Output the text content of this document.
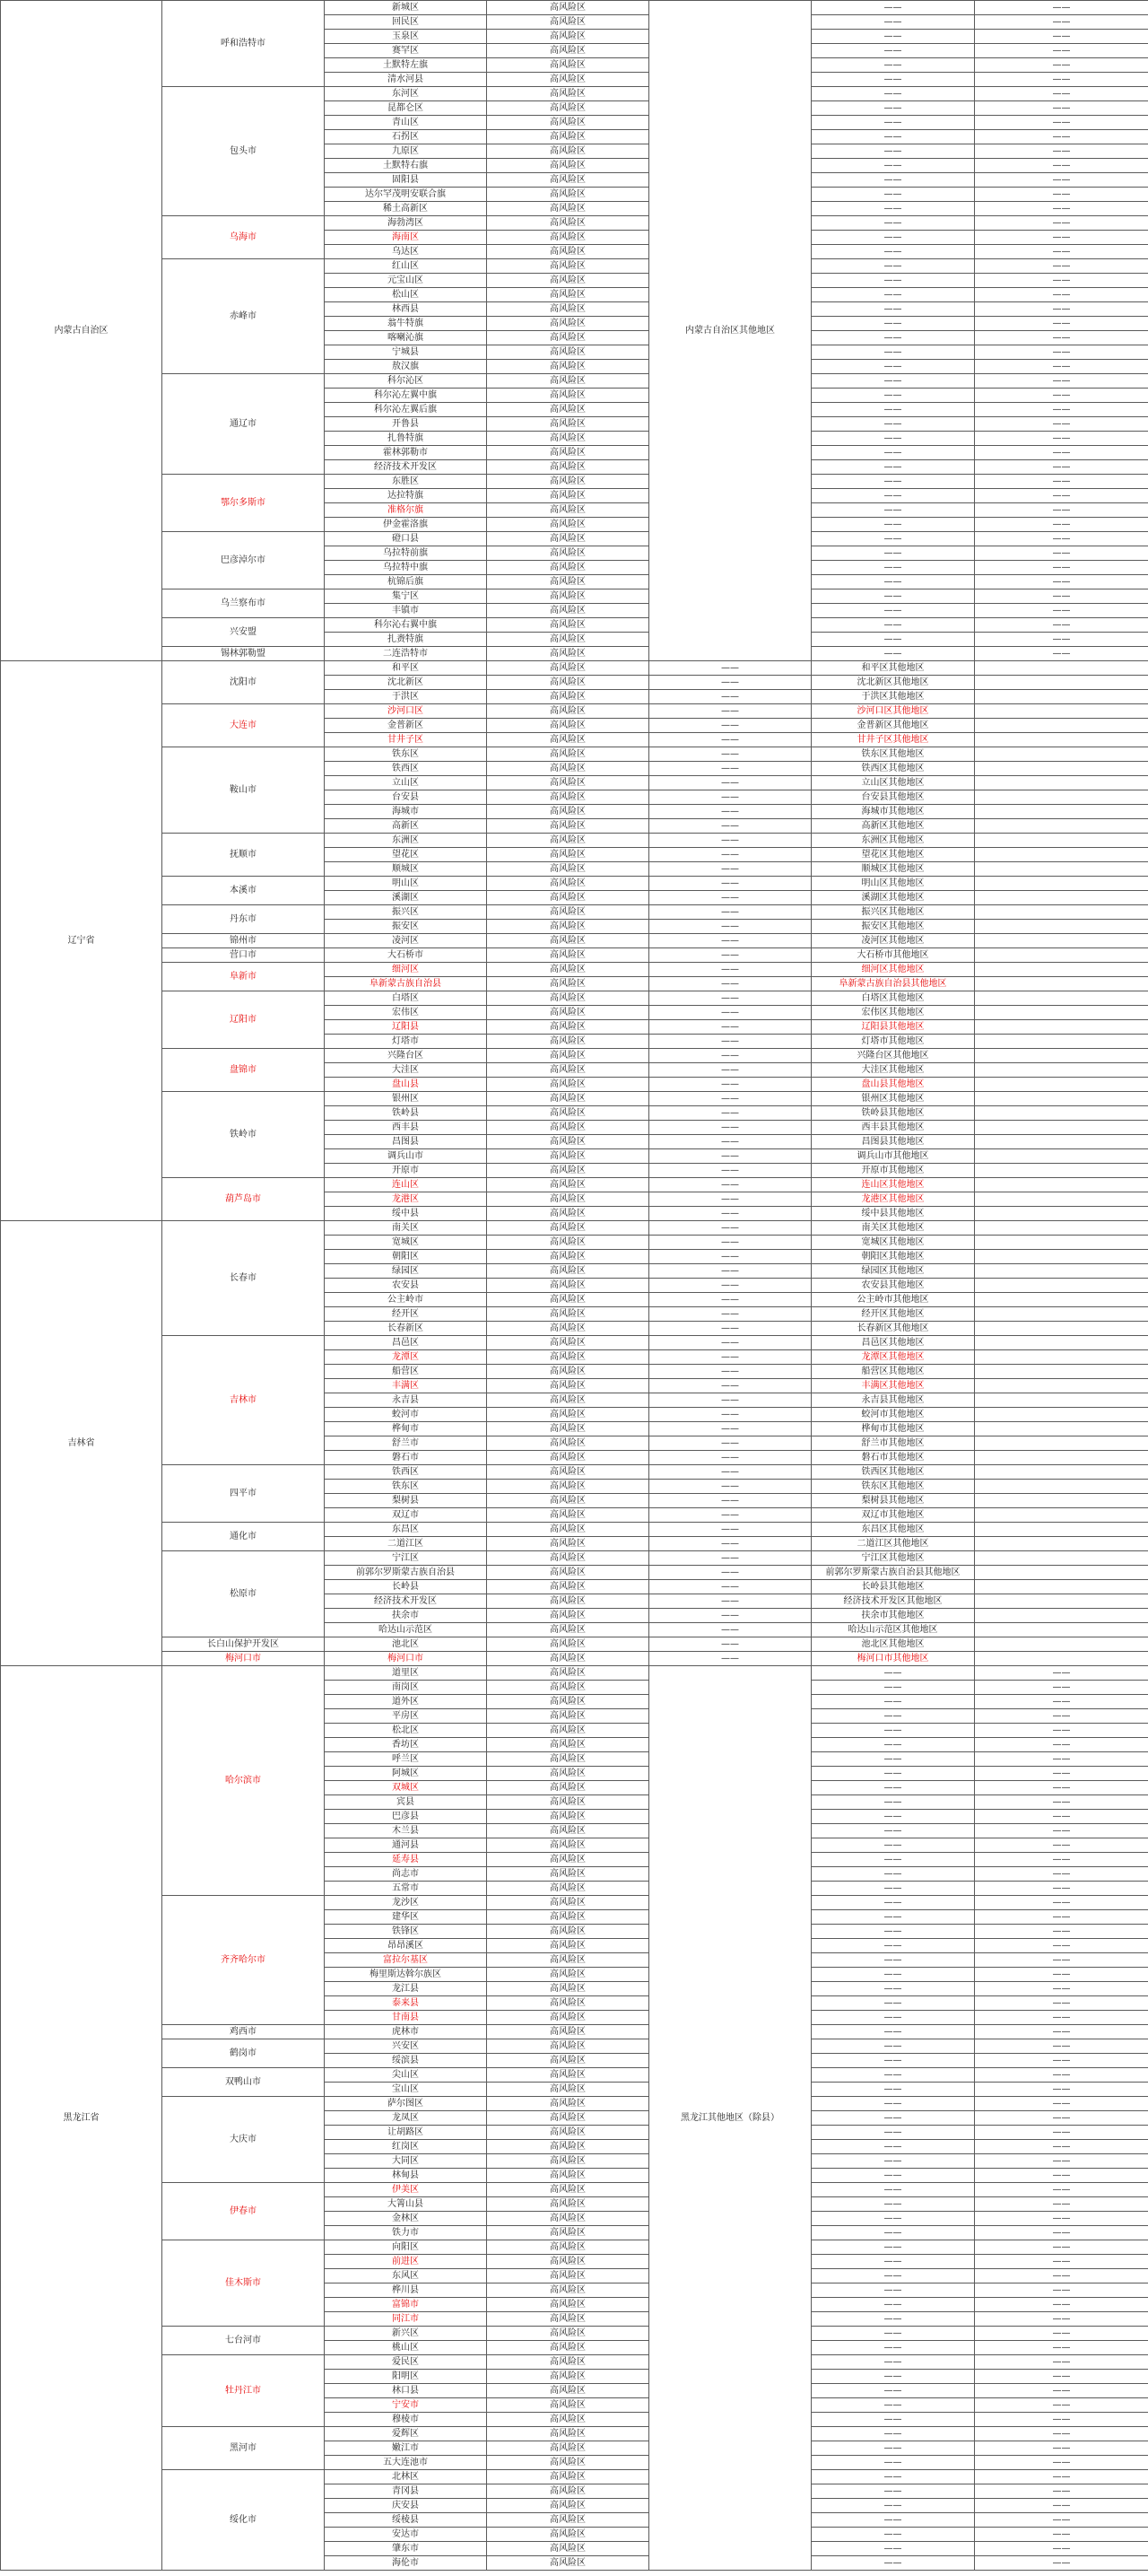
内蒙古自治区	呼和浩特市	新城区	高风险区	内蒙古自治区其他地区	——	——
		回民区	高风险区		——	——
		玉泉区	高风险区		——	——
		赛罕区	高风险区		——	——
		土默特左旗	高风险区		——	——
		清水河县	高风险区		——	——
	包头市	东河区	高风险区		——	——
		昆都仑区	高风险区		——	——
		青山区	高风险区		——	——
		石拐区	高风险区		——	——
		九原区	高风险区		——	——
		土默特右旗	高风险区		——	——
		固阳县	高风险区		——	——
		达尔罕茂明安联合旗	高风险区		——	——
		稀土高新区	高风险区		——	——
	乌海市	海勃湾区	高风险区		——	——
		海南区	高风险区		——	——
		乌达区	高风险区		——	——
	赤峰市	红山区	高风险区		——	——
		元宝山区	高风险区		——	——
		松山区	高风险区		——	——
		林西县	高风险区		——	——
		翁牛特旗	高风险区		——	——
		喀喇沁旗	高风险区		——	——
		宁城县	高风险区		——	——
		敖汉旗	高风险区		——	——
	通辽市	科尔沁区	高风险区		——	——
		科尔沁左翼中旗	高风险区		——	——
		科尔沁左翼后旗	高风险区		——	——
		开鲁县	高风险区		——	——
		扎鲁特旗	高风险区		——	——
		霍林郭勒市	高风险区		——	——
		经济技术开发区	高风险区		——	——
	鄂尔多斯市	东胜区	高风险区		——	——
		达拉特旗	高风险区		——	——
		准格尔旗	高风险区		——	——
		伊金霍洛旗	高风险区		——	——
	巴彦淖尔市	磴口县	高风险区		——	——
		乌拉特前旗	高风险区		——	——
		乌拉特中旗	高风险区		——	——
		杭锦后旗	高风险区		——	——
	乌兰察布市	集宁区	高风险区		——	——
		丰镇市	高风险区		——	——
	兴安盟	科尔沁右翼中旗	高风险区		——	——
		扎赉特旗	高风险区		——	——
	锡林郭勒盟	二连浩特市	高风险区		——	——
辽宁省	沈阳市	和平区	高风险区	——	和平区其他地区	
		沈北新区	高风险区	——	沈北新区其他地区	
		于洪区	高风险区	——	于洪区其他地区	
	大连市	沙河口区	高风险区	——	沙河口区其他地区	
		金普新区	高风险区	——	金普新区其他地区	
		甘井子区	高风险区	——	甘井子区其他地区	
	鞍山市	铁东区	高风险区	——	铁东区其他地区	
		铁西区	高风险区	——	铁西区其他地区	
		立山区	高风险区	——	立山区其他地区	
		台安县	高风险区	——	台安县其他地区	
		海城市	高风险区	——	海城市其他地区	
		高新区	高风险区	——	高新区其他地区	
	抚顺市	东洲区	高风险区	——	东洲区其他地区	
		望花区	高风险区	——	望花区其他地区	
		顺城区	高风险区	——	顺城区其他地区	
	本溪市	明山区	高风险区	——	明山区其他地区	
		溪湖区	高风险区	——	溪湖区其他地区	
	丹东市	振兴区	高风险区	——	振兴区其他地区	
		振安区	高风险区	——	振安区其他地区	
	锦州市	凌河区	高风险区	——	凌河区其他地区	
	营口市	大石桥市	高风险区	——	大石桥市其他地区	
	阜新市	细河区	高风险区	——	细河区其他地区	
		阜新蒙古族自治县	高风险区	——	阜新蒙古族自治县其他地区	
	辽阳市	白塔区	高风险区	——	白塔区其他地区	
		宏伟区	高风险区	——	宏伟区其他地区	
		辽阳县	高风险区	——	辽阳县其他地区	
		灯塔市	高风险区	——	灯塔市其他地区	
	盘锦市	兴隆台区	高风险区	——	兴隆台区其他地区	
		大洼区	高风险区	——	大洼区其他地区	
		盘山县	高风险区	——	盘山县其他地区	
	铁岭市	银州区	高风险区	——	银州区其他地区	
		铁岭县	高风险区	——	铁岭县其他地区	
		西丰县	高风险区	——	西丰县其他地区	
		昌图县	高风险区	——	昌图县其他地区	
		调兵山市	高风险区	——	调兵山市其他地区	
		开原市	高风险区	——	开原市其他地区	
	葫芦岛市	连山区	高风险区	——	连山区其他地区	
		龙港区	高风险区	——	龙港区其他地区	
		绥中县	高风险区	——	绥中县其他地区	
吉林省	长春市	南关区	高风险区	——	南关区其他地区	
		宽城区	高风险区	——	宽城区其他地区	
		朝阳区	高风险区	——	朝阳区其他地区	
		绿园区	高风险区	——	绿园区其他地区	
		农安县	高风险区	——	农安县其他地区	
		公主岭市	高风险区	——	公主岭市其他地区	
		经开区	高风险区	——	经开区其他地区	
		长春新区	高风险区	——	长春新区其他地区	
	吉林市	昌邑区	高风险区	——	昌邑区其他地区	
		龙潭区	高风险区	——	龙潭区其他地区	
		船营区	高风险区	——	船营区其他地区	
		丰满区	高风险区	——	丰满区其他地区	
		永吉县	高风险区	——	永吉县其他地区	
		蛟河市	高风险区	——	蛟河市其他地区	
		桦甸市	高风险区	——	桦甸市其他地区	
		舒兰市	高风险区	——	舒兰市其他地区	
		磐石市	高风险区	——	磐石市其他地区	
	四平市	铁西区	高风险区	——	铁西区其他地区	
		铁东区	高风险区	——	铁东区其他地区	
		梨树县	高风险区	——	梨树县其他地区	
		双辽市	高风险区	——	双辽市其他地区	
	通化市	东昌区	高风险区	——	东昌区其他地区	
		二道江区	高风险区	——	二道江区其他地区	
	松原市	宁江区	高风险区	——	宁江区其他地区	
		前郭尔罗斯蒙古族自治县	高风险区	——	前郭尔罗斯蒙古族自治县其他地区	
		长岭县	高风险区	——	长岭县其他地区	
		经济技术开发区	高风险区	——	经济技术开发区其他地区	
		扶余市	高风险区	——	扶余市其他地区	
		哈达山示范区	高风险区	——	哈达山示范区其他地区	
	长白山保护开发区	池北区	高风险区	——	池北区其他地区	
	梅河口市	梅河口市	高风险区	——	梅河口市其他地区	
黑龙江省	哈尔滨市	道里区	高风险区	黑龙江其他地区（除县）	——	——
		南岗区	高风险区		——	——
		道外区	高风险区		——	——
		平房区	高风险区		——	——
		松北区	高风险区		——	——
		香坊区	高风险区		——	——
		呼兰区	高风险区		——	——
		阿城区	高风险区		——	——
		双城区	高风险区		——	——
		宾县	高风险区		——	——
		巴彦县	高风险区		——	——
		木兰县	高风险区		——	——
		通河县	高风险区		——	——
		延寿县	高风险区		——	——
		尚志市	高风险区		——	——
		五常市	高风险区		——	——
	齐齐哈尔市	龙沙区	高风险区		——	——
		建华区	高风险区		——	——
		铁锋区	高风险区		——	——
		昂昂溪区	高风险区		——	——
		富拉尔基区	高风险区		——	——
		梅里斯达斡尔族区	高风险区		——	——
		龙江县	高风险区		——	——
		泰来县	高风险区		——	——
		甘南县	高风险区		——	——
	鸡西市	虎林市	高风险区		——	——
	鹤岗市	兴安区	高风险区		——	——
		绥滨县	高风险区		——	——
	双鸭山市	尖山区	高风险区		——	——
		宝山区	高风险区		——	——
	大庆市	萨尔图区	高风险区		——	——
		龙凤区	高风险区		——	——
		让胡路区	高风险区		——	——
		红岗区	高风险区		——	——
		大同区	高风险区		——	——
		林甸县	高风险区		——	——
	伊春市	伊美区	高风险区		——	——
		大箐山县	高风险区		——	——
		金林区	高风险区		——	——
		铁力市	高风险区		——	——
	佳木斯市	向阳区	高风险区		——	——
		前进区	高风险区		——	——
		东风区	高风险区		——	——
		桦川县	高风险区		——	——
		富锦市	高风险区		——	——
		同江市	高风险区		——	——
	七台河市	新兴区	高风险区		——	——
		桃山区	高风险区		——	——
	牡丹江市	爱民区	高风险区		——	——
		阳明区	高风险区		——	——
		林口县	高风险区		——	——
		宁安市	高风险区		——	——
		穆棱市	高风险区		——	——
	黑河市	爱辉区	高风险区		——	——
		嫩江市	高风险区		——	——
		五大连池市	高风险区		——	——
	绥化市	北林区	高风险区		——	——
		青冈县	高风险区		——	——
		庆安县	高风险区		——	——
		绥棱县	高风险区		——	——
		安达市	高风险区		——	——
		肇东市	高风险区		——	——
		海伦市	高风险区		——	——
